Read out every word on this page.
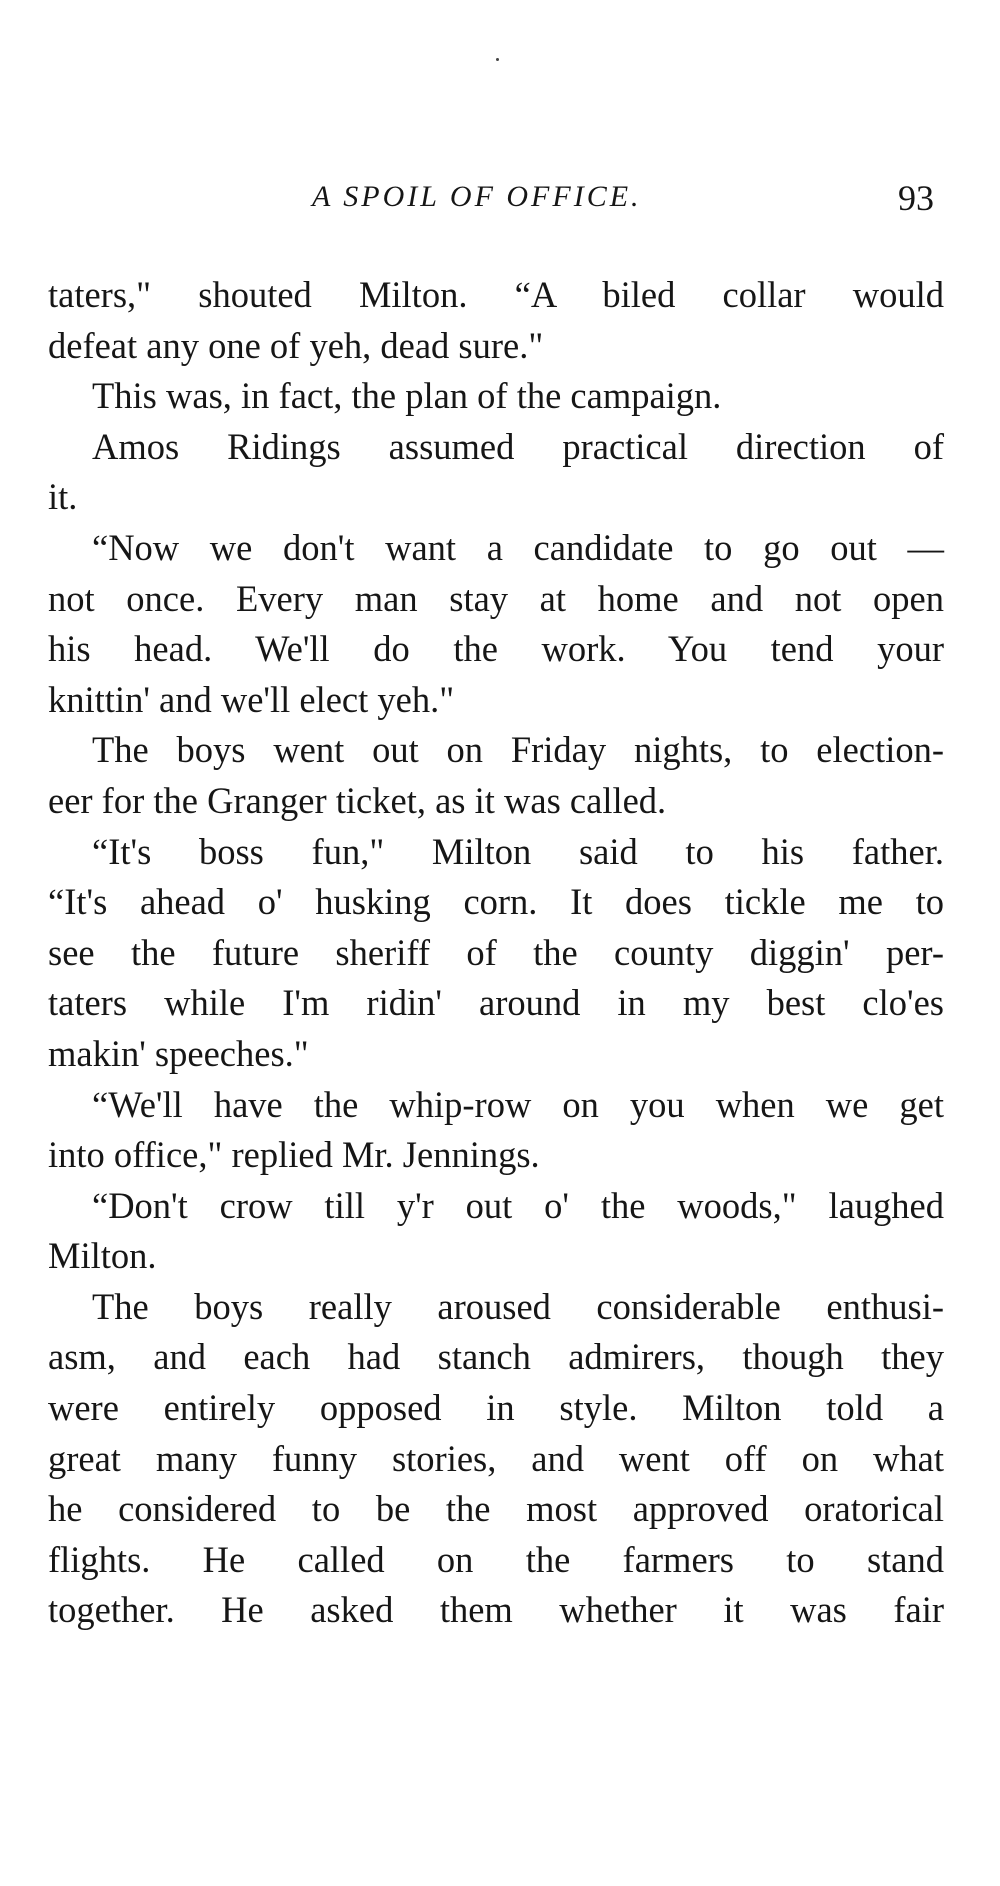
A SPOIL OF OFFICE.	93
taters," shouted Milton. “A biled collar would
defeat any one of yeh, dead sure."
This was, in fact, the plan of the campaign.
Amos Ridings assumed practical direction of
it.
“Now we don't want a candidate to go out —
not once. Every man stay at home and not open
his head. We'll do the work. You tend your
knittin' and we'll elect yeh."
The boys went out on Friday nights, to election-
eer for the Granger ticket, as it was called.
“It's boss fun," Milton said to his father.
“It's ahead o' husking corn. It does tickle me to
see the future sheriff of the county diggin' per-
taters while I'm ridin' around in my best clo'es
makin' speeches."
“We'll have the whip-row on you when we get
into office," replied Mr. Jennings.
“Don't crow till y'r out o' the woods," laughed
Milton.
The boys really aroused considerable enthusi-
asm, and each had stanch admirers, though they
were entirely opposed in style. Milton told a
great many funny stories, and went off on what
he considered to be the most approved oratorical
flights. He called on the farmers to stand
together. He asked them whether it was fair
